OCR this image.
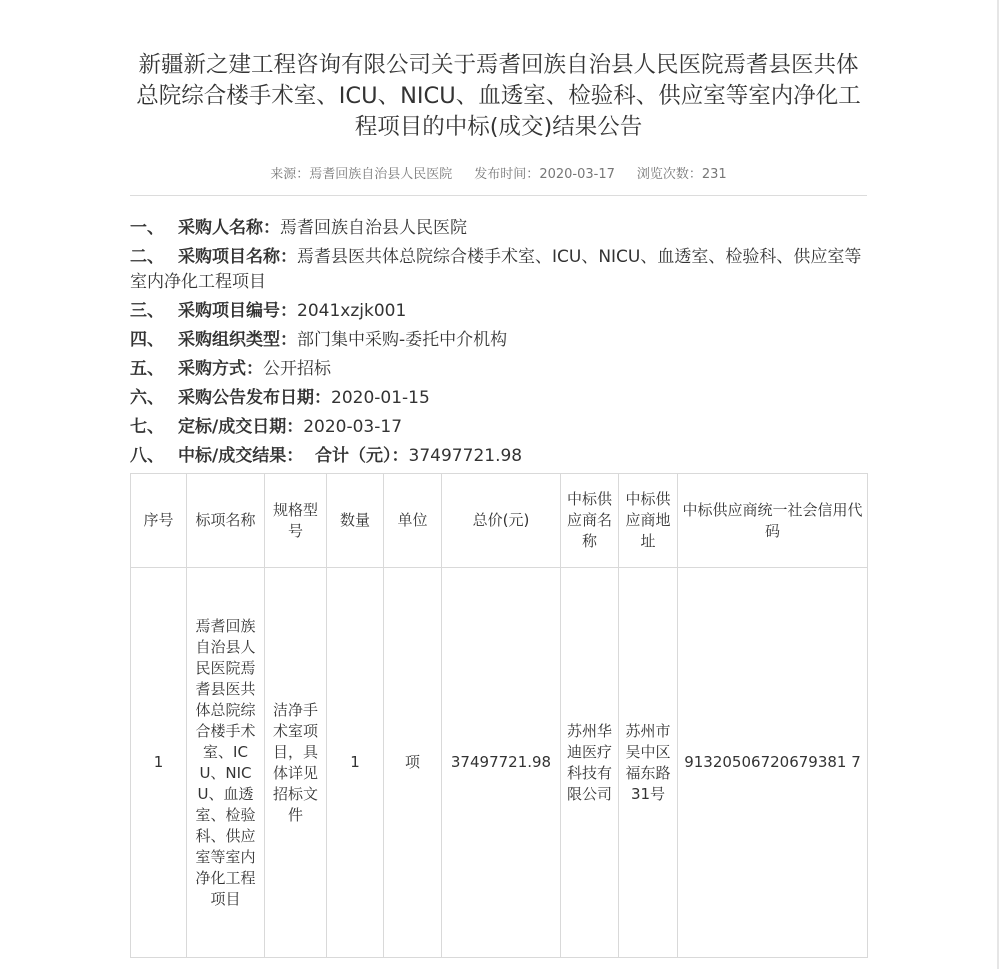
新疆新之建工程咨询有限公司关于焉耆回族自治县人民医院焉耆县医共体总院综合楼手术室、ICU、NICU、血透室、检验科、供应室等室内净化工程项目的中标(成交)结果公告
来源：焉耆回族自治县人民医院 发布时间：2020-03-17 浏览次数：231
一、 采购人名称：焉耆回族自治县人民医院
二、 采购项目名称：焉耆县医共体总院综合楼手术室、ICU、NICU、血透室、检验科、供应室等室内净化工程项目
三、 采购项目编号：2041xzjk001
四、 采购组织类型：部门集中采购-委托中介机构
五、 采购方式：公开招标
六、 采购公告发布日期：2020-01-15
七、 定标/成交日期：2020-03-17
八、 中标/成交结果：  合计（元）：37497721.98
序号	标项名称	规格型号	数量	单位	总价(元)	中标供应商名称	中标供应商地址	中标供应商统一社会信用代码
1	焉耆回族自治县人民医院焉耆县医共体总院综合楼手术室、ICU、NICU、血透室、检验科、供应室等室内净化工程项目	洁净手术室项目，具体详见招标文件	1	项	37497721.98	苏州华迪医疗科技有限公司	苏州市吴中区福东路31号	91320506720679381 7
